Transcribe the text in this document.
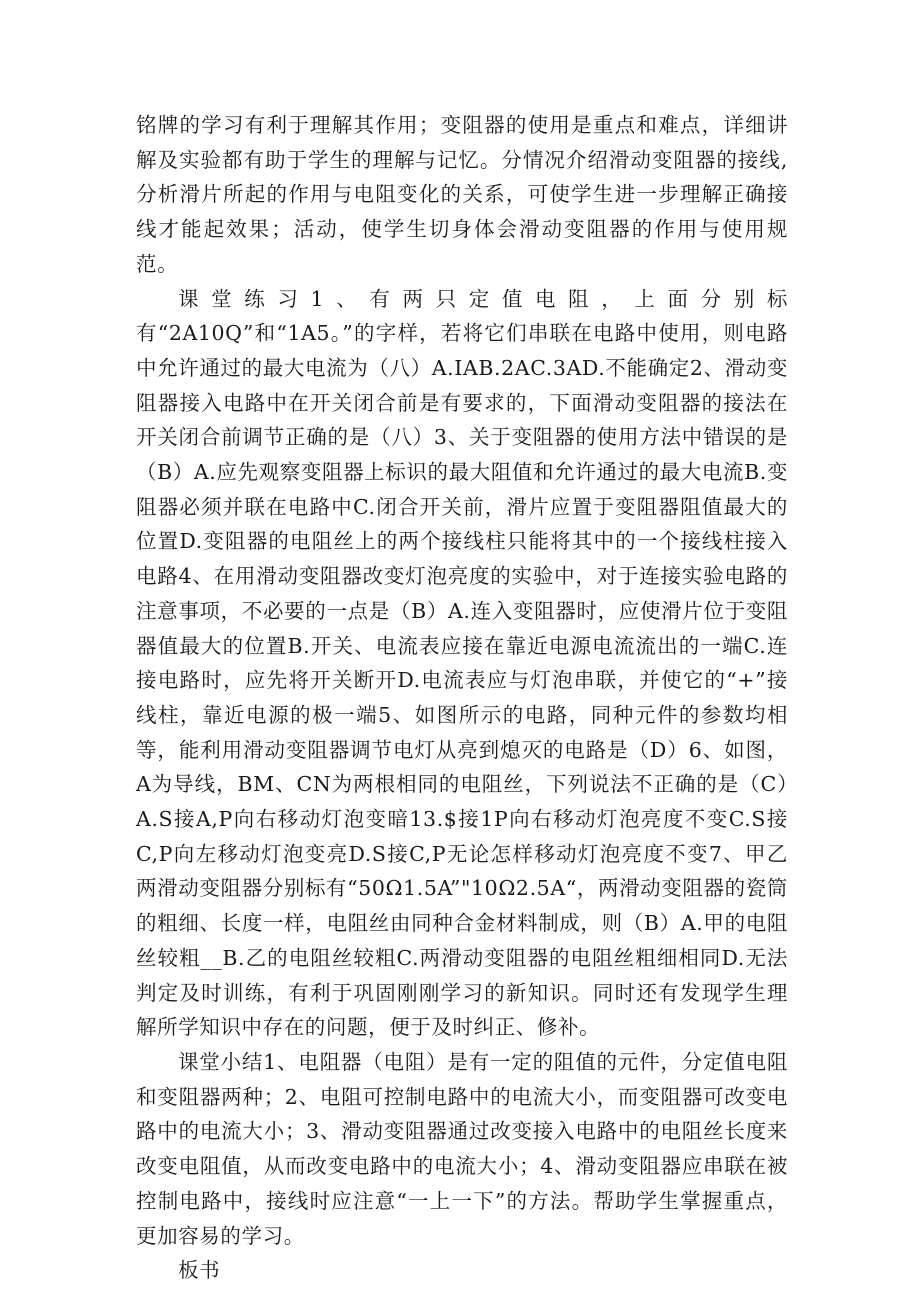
铭牌的学习有利于理解其作用；变阻器的使用是重点和难点，详细讲解及实验都有助于学生的理解与记忆。分情况介绍滑动变阻器的接线,分析滑片所起的作用与电阻变化的关系，可使学生进一步理解正确接线才能起效果；活动，使学生切身体会滑动变阻器的作用与使用规范。

课堂练习1、有两只定值电阻，上面分别标有“2A10Q”和“1A5。”的字样，若将它们串联在电路中使用，则电路中允许通过的最大电流为（八）A.IAB.2AC.3AD.不能确定2、滑动变阻器接入电路中在开关闭合前是有要求的，下面滑动变阻器的接法在开关闭合前调节正确的是（八）3、关于变阻器的使用方法中错误的是（B）A.应先观察变阻器上标识的最大阻值和允许通过的最大电流B.变阻器必须并联在电路中C.闭合开关前，滑片应置于变阻器阻值最大的位置D.变阻器的电阻丝上的两个接线柱只能将其中的一个接线柱接入电路4、在用滑动变阻器改变灯泡亮度的实验中，对于连接实验电路的注意事项，不必要的一点是（B）A.连入变阻器时，应使滑片位于变阻器值最大的位置B.开关、电流表应接在靠近电源电流流出的一端C.连接电路时，应先将开关断开D.电流表应与灯泡串联，并使它的“+”接线柱，靠近电源的极一端5、如图所示的电路，同种元件的参数均相等，能利用滑动变阻器调节电灯从亮到熄灭的电路是（D）6、如图，A为导线，BM、CN为两根相同的电阻丝，下列说法不正确的是（C）A.S接A,P向右移动灯泡变暗13.$接1P向右移动灯泡亮度不变C.S接C,P向左移动灯泡变亮D.S接C,P无论怎样移动灯泡亮度不变7、甲乙两滑动变阻器分别标有“50Ω1.5A”"10Ω2.5A“，两滑动变阻器的瓷筒的粗细、长度一样，电阻丝由同种合金材料制成，则（B）A.甲的电阻丝较粗__B.乙的电阻丝较粗C.两滑动变阻器的电阻丝粗细相同D.无法判定及时训练，有利于巩固刚刚学习的新知识。同时还有发现学生理解所学知识中存在的问题，便于及时纠正、修补。

课堂小结1、电阻器（电阻）是有一定的阻值的元件，分定值电阻和变阻器两种；2、电阻可控制电路中的电流大小，而变阻器可改变电路中的电流大小；3、滑动变阻器通过改变接入电路中的电阻丝长度来改变电阻值，从而改变电路中的电流大小；4、滑动变阻器应串联在被控制电路中，接线时应注意“一上一下”的方法。帮助学生掌握重点，更加容易的学习。

板书
